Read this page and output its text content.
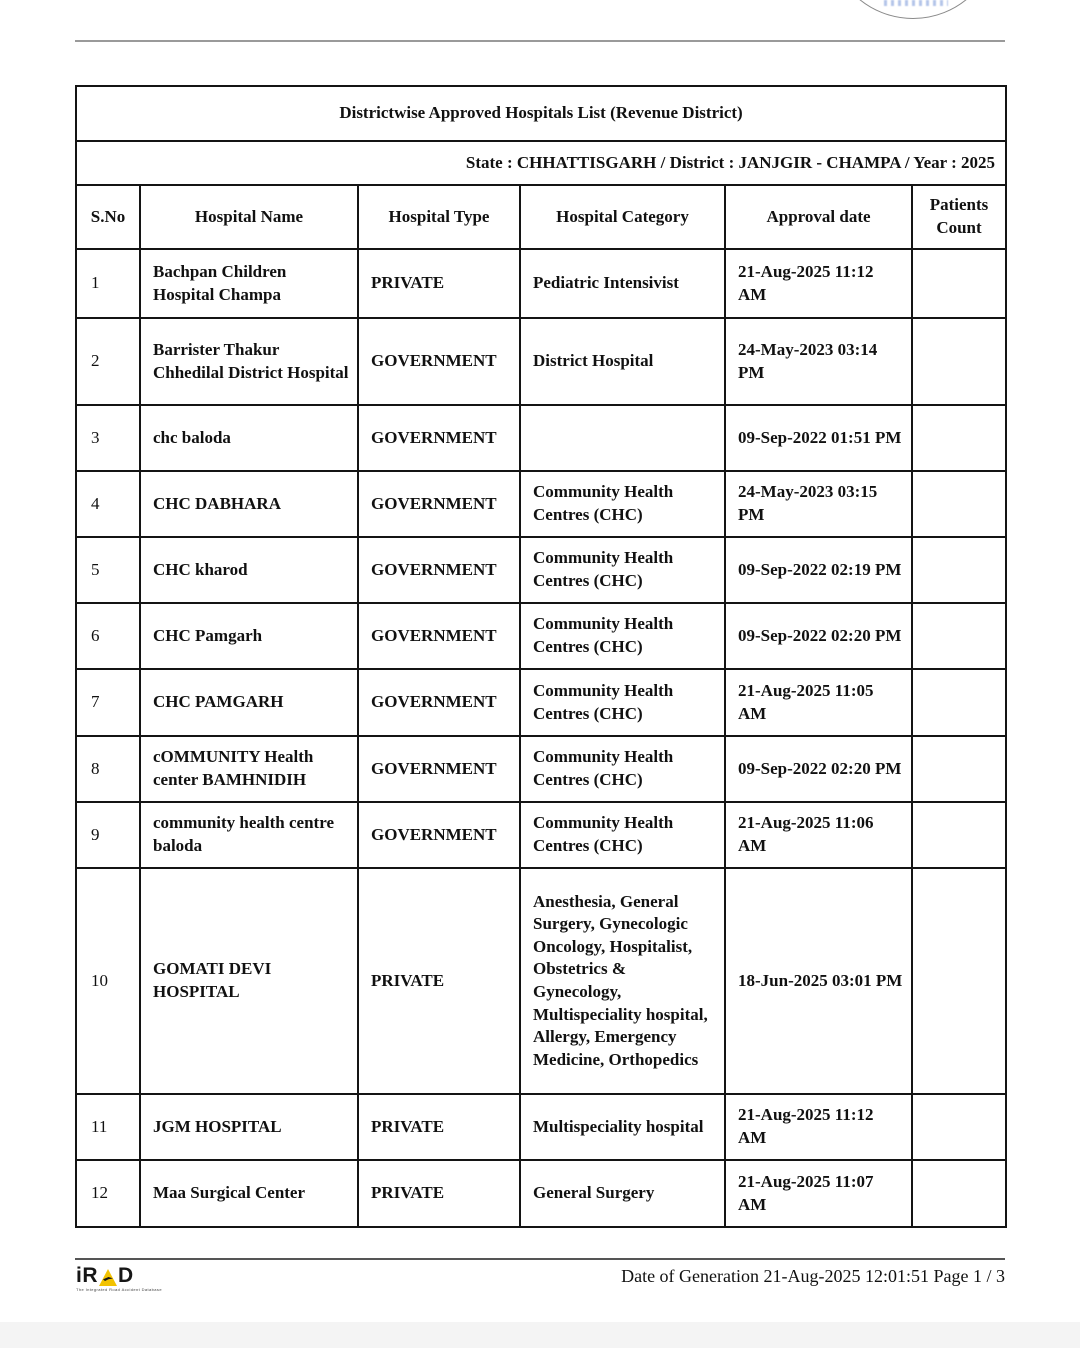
Districtwise Approved Hospitals List (Revenue District)					
State : CHHATTISGARH / District : JANJGIR - CHAMPA / Year : 2025					
S.No	Hospital Name	Hospital Type	Hospital Category	Approval date	Patients Count
1	Bachpan Children Hospital Champa	PRIVATE	Pediatric Intensivist	21-Aug-2025 11:12 AM	
2	Barrister Thakur Chhedilal District Hospital	GOVERNMENT	District Hospital	24-May-2023 03:14 PM	
3	chc baloda	GOVERNMENT		09-Sep-2022 01:51 PM	
4	CHC DABHARA	GOVERNMENT	Community Health Centres (CHC)	24-May-2023 03:15 PM	
5	CHC kharod	GOVERNMENT	Community Health Centres (CHC)	09-Sep-2022 02:19 PM	
6	CHC Pamgarh	GOVERNMENT	Community Health Centres (CHC)	09-Sep-2022 02:20 PM	
7	CHC PAMGARH	GOVERNMENT	Community Health Centres (CHC)	21-Aug-2025 11:05 AM	
8	cOMMUNITY Health center BAMHNIDIH	GOVERNMENT	Community Health Centres (CHC)	09-Sep-2022 02:20 PM	
9	community health centre baloda	GOVERNMENT	Community Health Centres (CHC)	21-Aug-2025 11:06 AM	
10	GOMATI DEVI HOSPITAL	PRIVATE	Anesthesia, General Surgery, Gynecologic Oncology, Hospitalist, Obstetrics & Gynecology, Multispeciality hospital, Allergy, Emergency Medicine, Orthopedics	18-Jun-2025 03:01 PM	
11	JGM HOSPITAL	PRIVATE	Multispeciality hospital	21-Aug-2025 11:12 AM	
12	Maa Surgical Center	PRIVATE	General Surgery	21-Aug-2025 11:07 AM	
iR D
The Integrated Road Accident Database
Date of Generation 21-Aug-2025 12:01:51 Page 1 / 3
